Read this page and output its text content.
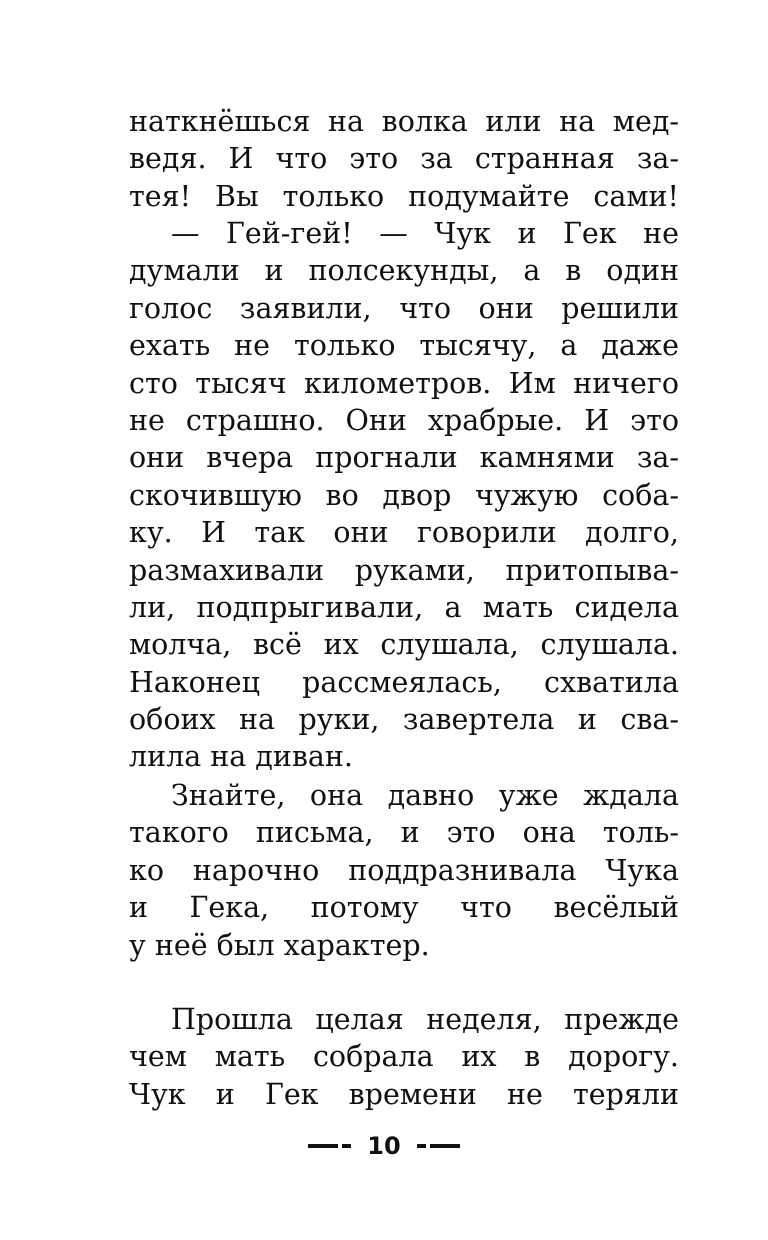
наткнёшься на волка или на мед-
ведя. И что это за странная за-
тея! Вы только подумайте сами!
— Гей-гей! — Чук и Гек не
думали и полсекунды, а в один
голос заявили, что они решили
ехать не только тысячу, а даже
сто тысяч километров. Им ничего
не страшно. Они храбрые. И это
они вчера прогнали камнями за-
скочившую во двор чужую соба-
ку. И так они говорили долго,
размахивали руками, притопыва-
ли, подпрыгивали, а мать сидела
молча, всё их слушала, слушала.
Наконец рассмеялась, схватила
обоих на руки, завертела и сва-
лила на диван.
Знайте, она давно уже ждала
такого письма, и это она толь-
ко нарочно поддразнивала Чука
и Гека, потому что весёлый
у неё был характер.
Прошла целая неделя, прежде
чем мать собрала их в дорогу.
Чук и Гек времени не теряли
10
